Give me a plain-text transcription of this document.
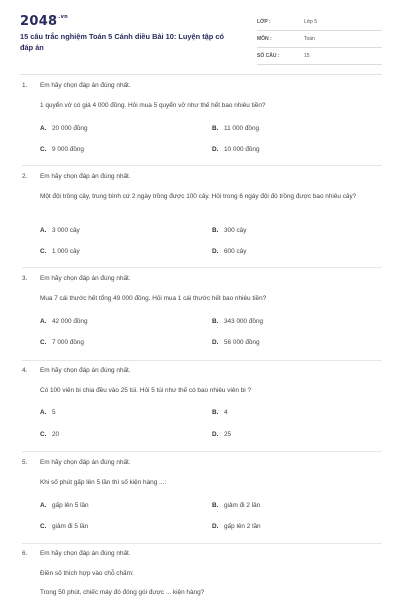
$2048^{.vn}$
15 câu trắc nghiệm Toán 5 Cánh diều Bài 10: Luyện tập có đáp án
LỚP :	Lớp 5
MÔN :	Toán
SỐ CÂU :	15
1. Em hãy chọn đáp án đúng nhất.
1 quyển vở có giá 4 000 đồng. Hỏi mua 5 quyển vở như thế hết bao nhiêu tiền?
A. 20 000 đồng	B. 11 000 đồng
C. 9 000 đồng	D. 10 000 đồng
2. Em hãy chọn đáp án đúng nhất.
Một đội trồng cây, trung bình cứ 2 ngày trồng được 100 cây. Hỏi trong 6 ngày đội đó trồng được bao nhiêu cây?
A. 3 000 cây	B. 300 cây
C. 1 000 cây	D. 600 cây
3. Em hãy chọn đáp án đúng nhất.
Mua 7 cái thước hết tổng 49 000 đồng. Hỏi mua 1 cái thước hết bao nhiêu tiền?
A. 42 000 đồng	B. 343 000 đồng
C. 7 000 đồng	D. 56 000 đồng
4. Em hãy chọn đáp án đúng nhất.
Có 100 viên bi chia đều vào 25 túi. Hỏi 5 túi như thế có bao nhiêu viên bi ?
A. 5	B. 4
C. 20	D. 25
5. Em hãy chọn đáp án đúng nhất.
Khi số phút gấp lên 5 lần thì số kiện hàng ...:
A. gấp lên 5 lần	B. giảm đi 2 lần
C. giảm đi 5 lần	D. gấp lên 2 lần
6. Em hãy chọn đáp án đúng nhất.
Điền số thích hợp vào chỗ chấm:
Trong 50 phút, chiếc máy đó đóng gói được ... kiện hàng?
